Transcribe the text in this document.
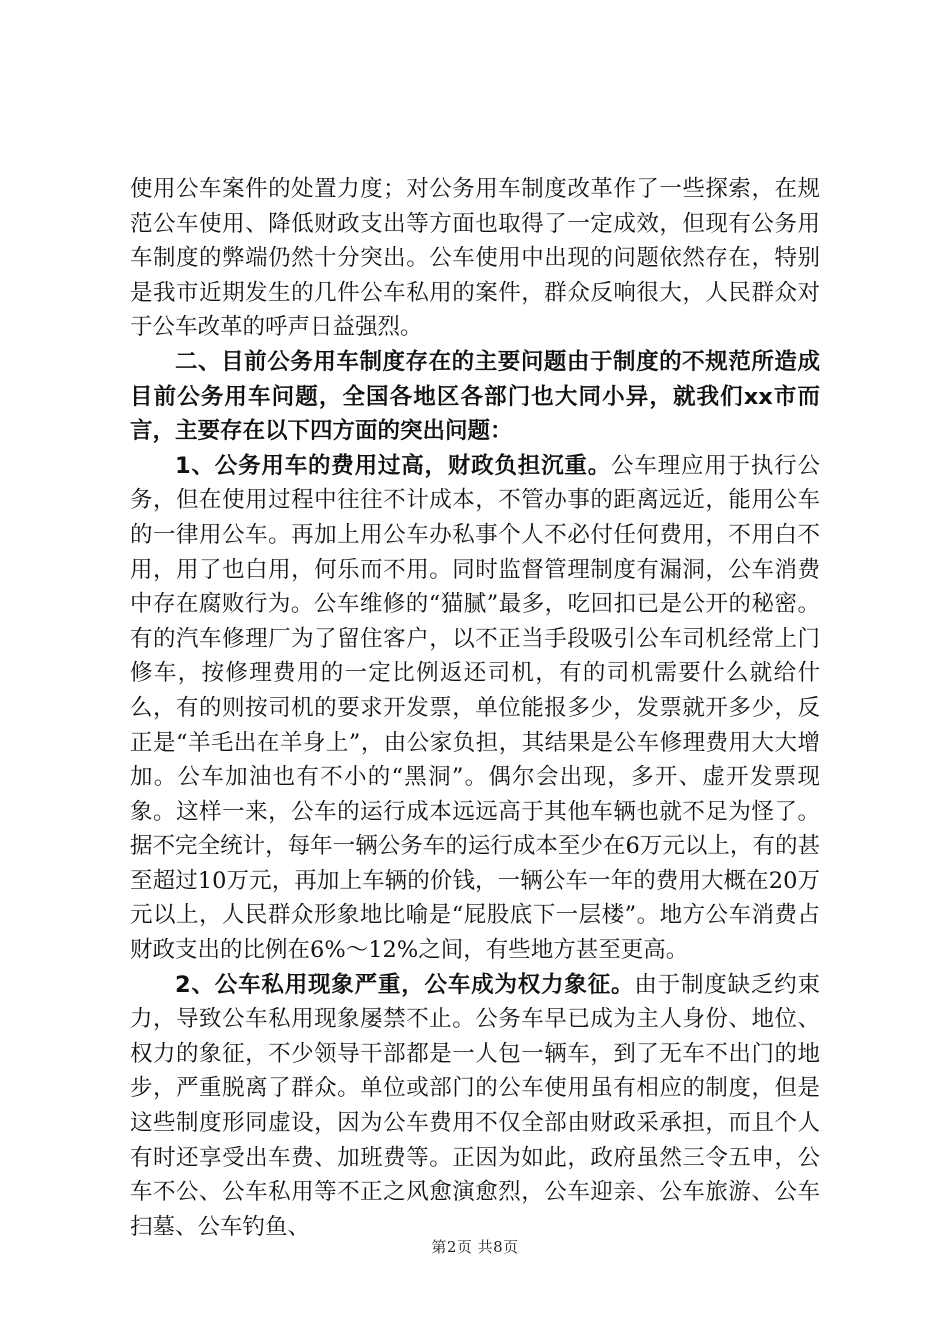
使用公车案件的处置力度；对公务用车制度改革作了一些探索，在规范公车使用、降低财政支出等方面也取得了一定成效，但现有公务用车制度的弊端仍然十分突出。公车使用中出现的问题依然存在，特别是我市近期发生的几件公车私用的案件，群众反响很大，人民群众对于公车改革的呼声日益强烈。

二、目前公务用车制度存在的主要问题由于制度的不规范所造成目前公务用车问题，全国各地区各部门也大同小异，就我们xx市而言，主要存在以下四方面的突出问题：

1、公务用车的费用过高，财政负担沉重。公车理应用于执行公务，但在使用过程中往往不计成本，不管办事的距离远近，能用公车的一律用公车。再加上用公车办私事个人不必付任何费用，不用白不用，用了也白用，何乐而不用。同时监督管理制度有漏洞，公车消费中存在腐败行为。公车维修的“猫腻”最多，吃回扣已是公开的秘密。有的汽车修理厂为了留住客户，以不正当手段吸引公车司机经常上门修车，按修理费用的一定比例返还司机，有的司机需要什么就给什么，有的则按司机的要求开发票，单位能报多少，发票就开多少，反正是“羊毛出在羊身上”，由公家负担，其结果是公车修理费用大大增加。公车加油也有不小的“黑洞”。偶尔会出现，多开、虚开发票现象。这样一来，公车的运行成本远远高于其他车辆也就不足为怪了。据不完全统计，每年一辆公务车的运行成本至少在6万元以上，有的甚至超过10万元，再加上车辆的价钱，一辆公车一年的费用大概在20万元以上，人民群众形象地比喻是“屁股底下一层楼”。地方公车消费占财政支出的比例在6%～12%之间，有些地方甚至更高。

2、公车私用现象严重，公车成为权力象征。由于制度缺乏约束力，导致公车私用现象屡禁不止。公务车早已成为主人身份、地位、权力的象征，不少领导干部都是一人包一辆车，到了无车不出门的地步，严重脱离了群众。单位或部门的公车使用虽有相应的制度，但是这些制度形同虚设，因为公车费用不仅全部由财政采承担，而且个人有时还享受出车费、加班费等。正因为如此，政府虽然三令五申，公车不公、公车私用等不正之风愈演愈烈，公车迎亲、公车旅游、公车扫墓、公车钓鱼、

第2页 共8页
